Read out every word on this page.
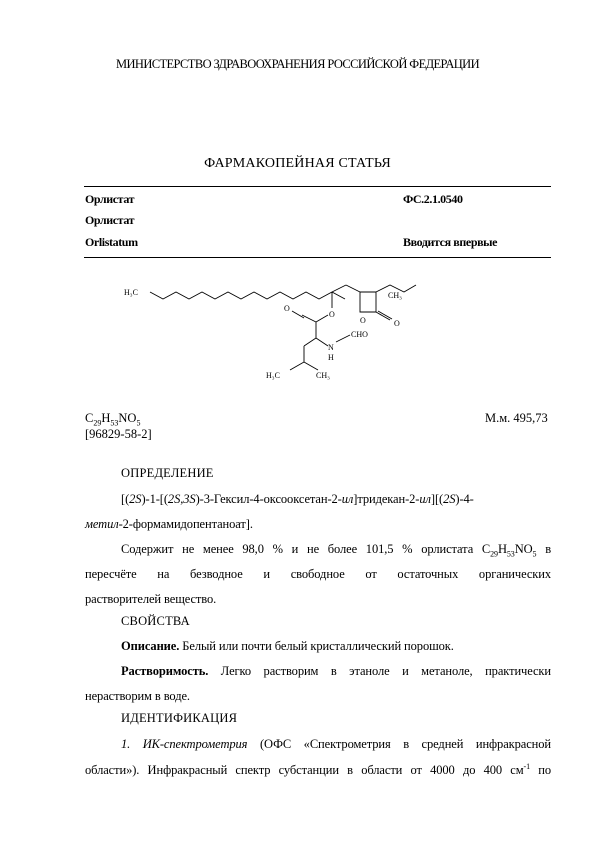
МИНИСТЕРСТВО ЗДРАВООХРАНЕНИЯ РОССИЙСКОЙ ФЕДЕРАЦИИ
ФАРМАКОПЕЙНАЯ СТАТЬЯ
Орлистат	ФС.2.1.0540
Орлистат
Orlistatum	Вводится впервые
H₃C
O
O
O	O
N
H
CHO
CH₃
H₃C	CH₃
$C_{29}H_{53}NO_5$	М.м. 495,73
[96829-58-2]
ОПРЕДЕЛЕНИЕ
[(2S)-1-[(2S,3S)-3-Гексил-4-оксооксетан-2-ил]тридекан-2-ил][(2S)-4-
метил-2-формамидопентаноат].
Содержит не менее 98,0 % и не более 101,5 % орлистата $C_{29}H_{53}NO_5$ в
пересчёте на безводное и свободное от остаточных органических
растворителей вещество.
СВОЙСТВА
Описание. Белый или почти белый кристаллический порошок.
Растворимость. Легко растворим в этаноле и метаноле, практически
нерастворим в воде.
ИДЕНТИФИКАЦИЯ
1. ИК-спектрометрия (ОФС «Спектрометрия в средней инфракрасной
области»). Инфракрасный спектр субстанции в области от 4000 до 400 $см^{-1}$ по
